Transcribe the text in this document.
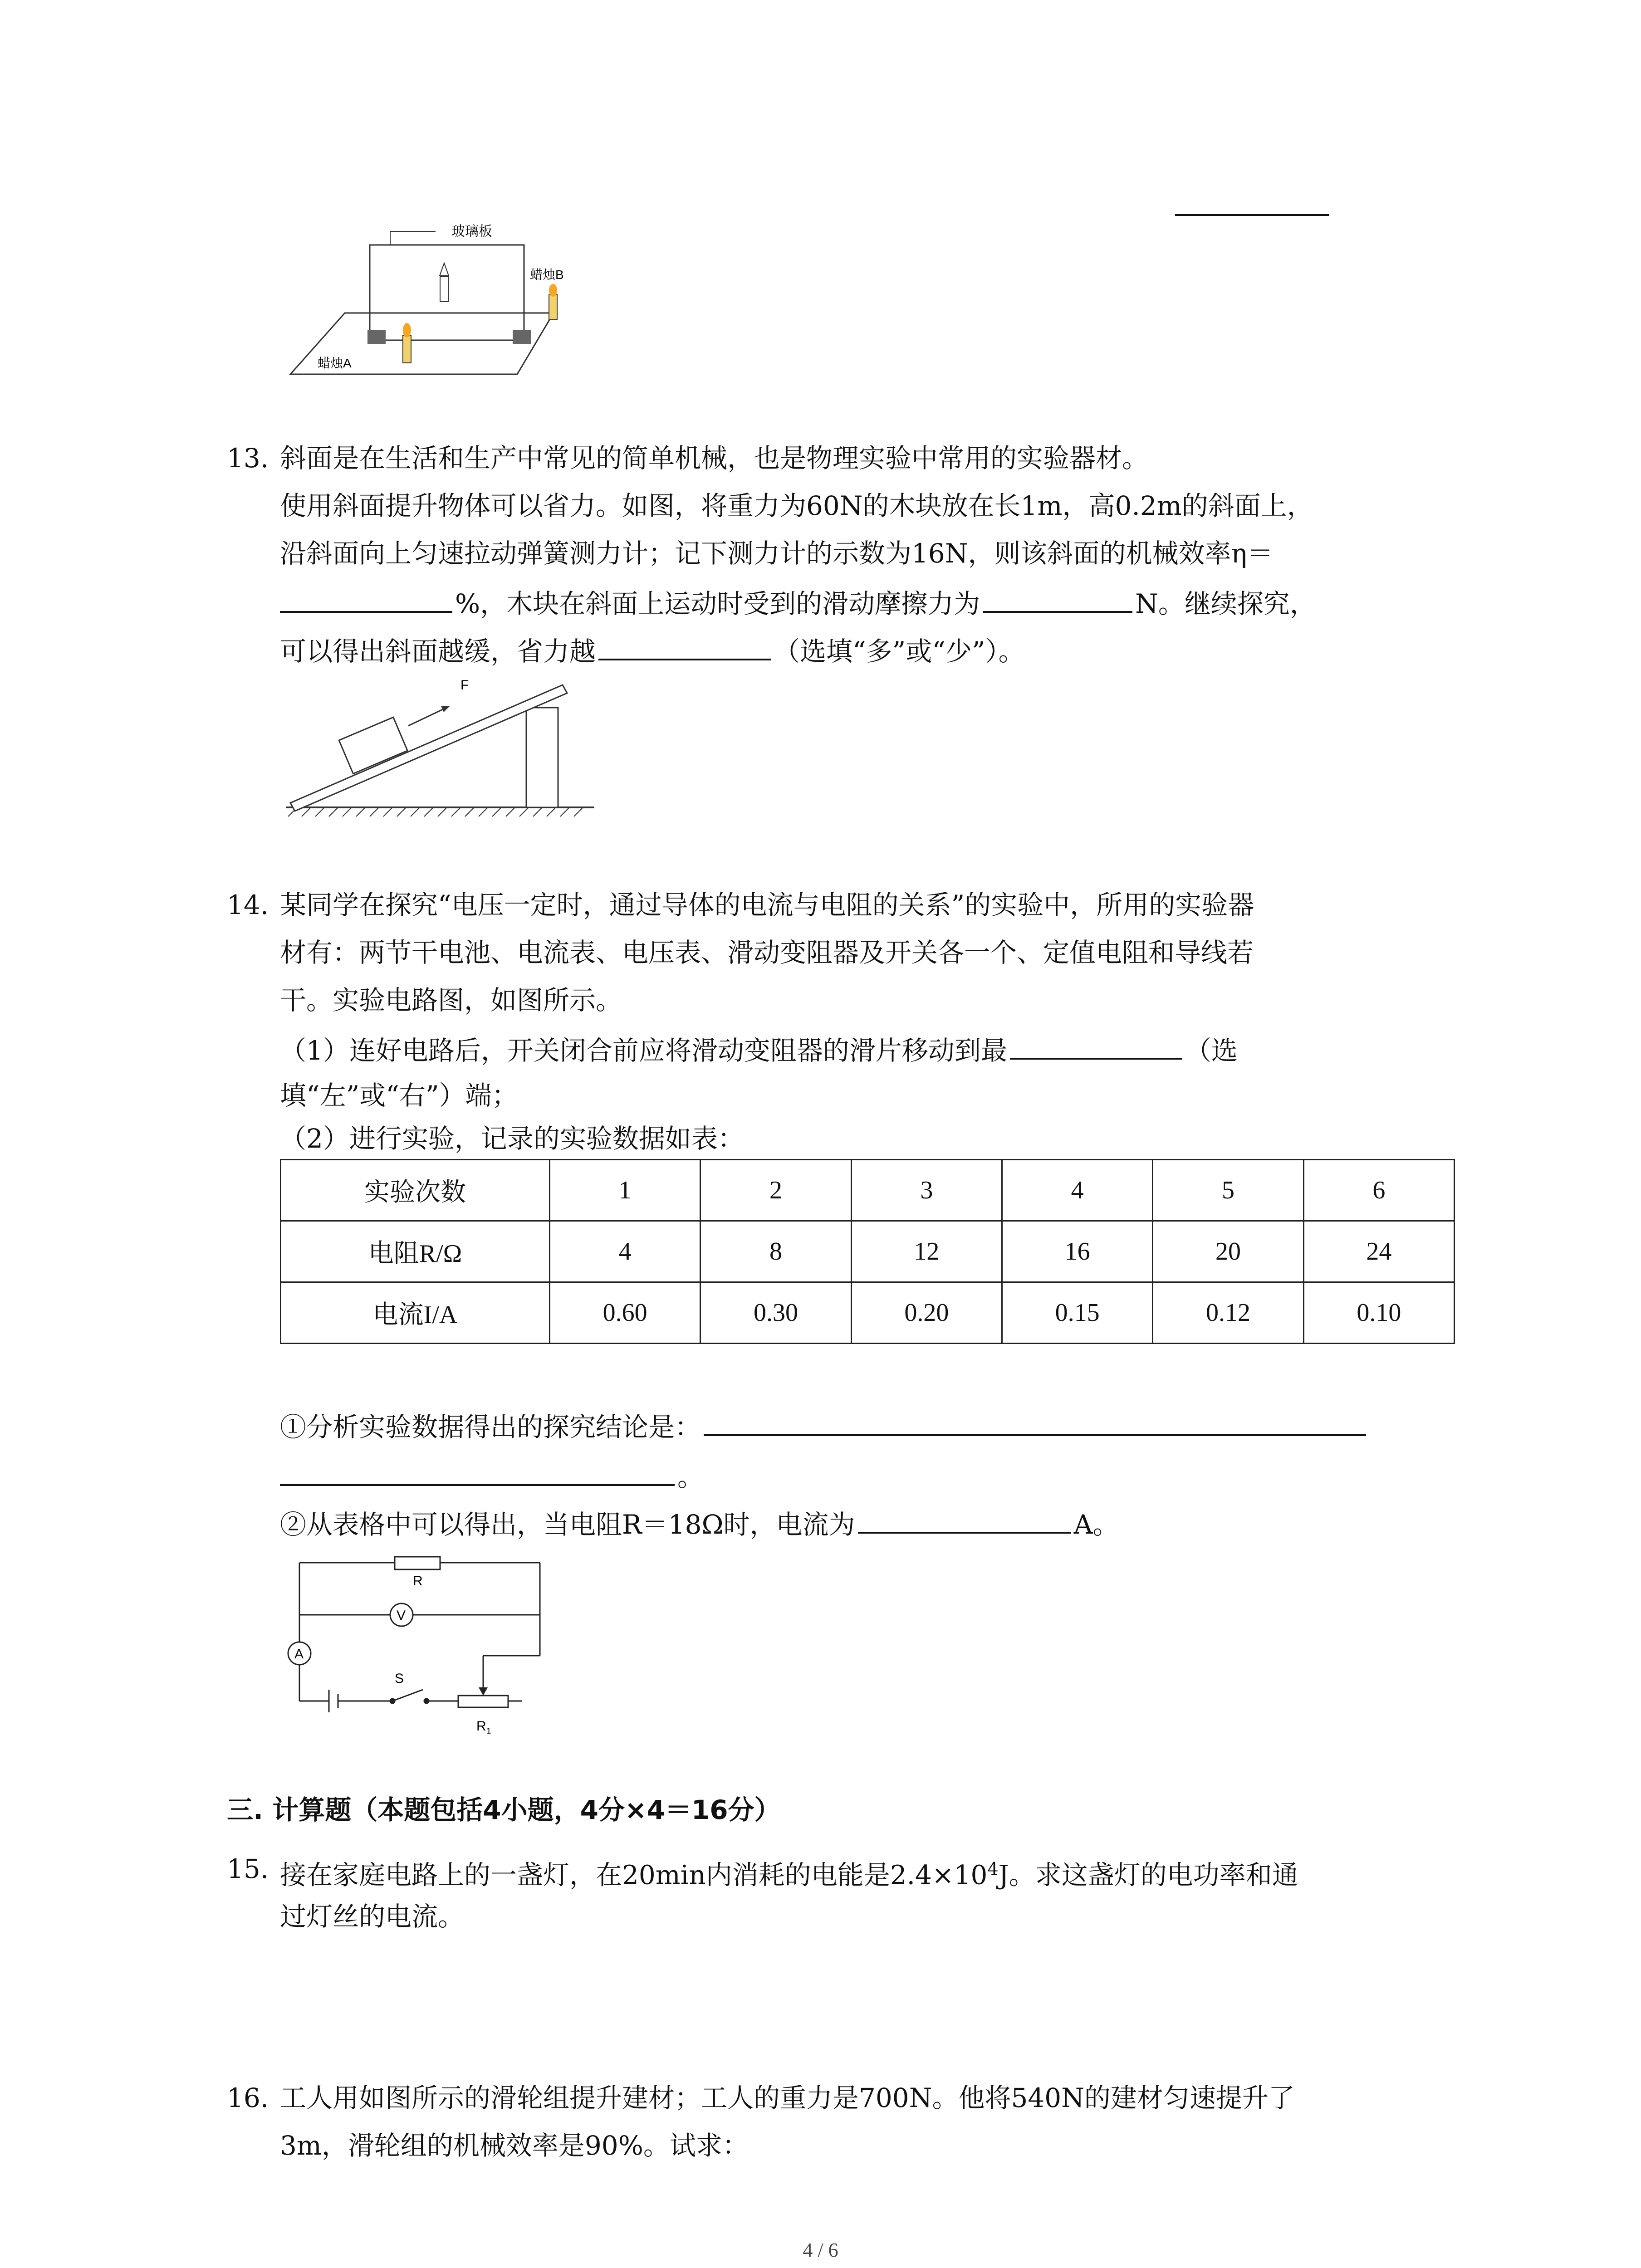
玻璃板
蜡烛A
蜡烛B
13. 斜面是在生活和生产中常见的简单机械，也是物理实验中常用的实验器材。
使用斜面提升物体可以省力。如图，将重力为60N的木块放在长1m，高0.2m的斜面上，
沿斜面向上匀速拉动弹簧测力计；记下测力计的示数为16N，则该斜面的机械效率η＝
%，木块在斜面上运动时受到的滑动摩擦力为	N。继续探究，
可以得出斜面越缓，省力越	（选填“多”或“少”）。
F
14. 某同学在探究“电压一定时，通过导体的电流与电阻的关系”的实验中，所用的实验器
材有：两节干电池、电流表、电压表、滑动变阻器及开关各一个、定值电阻和导线若
干。实验电路图，如图所示。
（1）连好电路后，开关闭合前应将滑动变阻器的滑片移动到最	（选
填“左”或“右”）端；
（2）进行实验，记录的实验数据如表：
实验次数	1	2	3	4	5	6
电阻R/Ω	4	8	12	16	20	24
电流I/A	0.60	0.30	0.20	0.15	0.12	0.10
①分析实验数据得出的探究结论是：
。
②从表格中可以得出，当电阻R＝18Ω时，电流为	A。
R
V
A
S
$R_1$
三. 计算题（本题包括4小题，4分×4＝16分）
15. 接在家庭电路上的一盏灯，在20min内消耗的电能是$2.4\times 10^4J$。求这盏灯的电功率和通
过灯丝的电流。
16. 工人用如图所示的滑轮组提升建材；工人的重力是700N。他将540N的建材匀速提升了
3m，滑轮组的机械效率是90%。试求：
4 / 6
